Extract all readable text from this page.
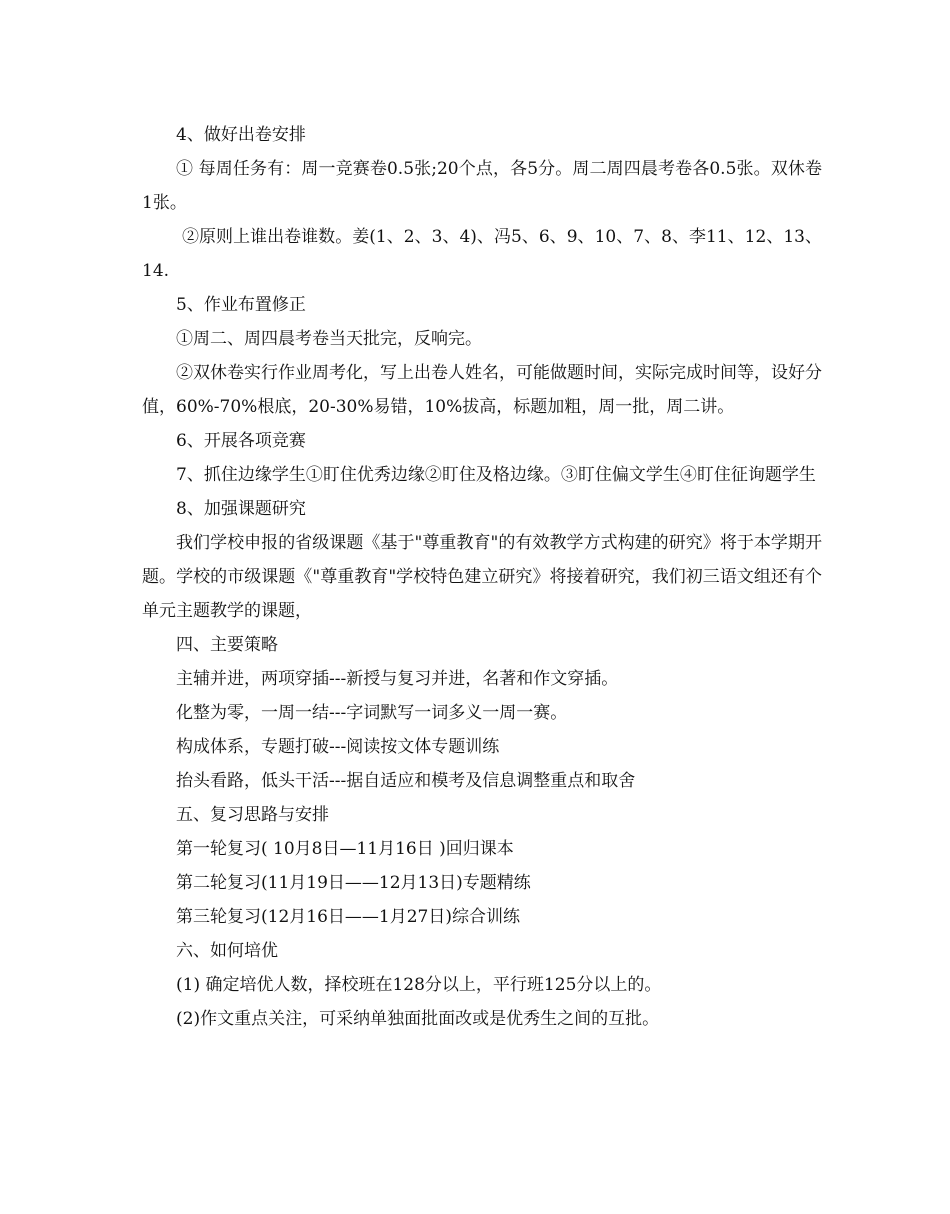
4、做好出卷安排

① 每周任务有：周一竞赛卷0.5张;20个点，各5分。周二周四晨考卷各0.5张。双休卷1张。

②原则上谁出卷谁数。姜(1、2、3、4)、冯5、6、9、10、7、8、李11、12、13、14.

5、作业布置修正

①周二、周四晨考卷当天批完，反响完。

②双休卷实行作业周考化，写上出卷人姓名，可能做题时间，实际完成时间等，设好分值，60%-70%根底，20-30%易错，10%拔高，标题加粗，周一批，周二讲。

6、开展各项竞赛

7、抓住边缘学生①盯住优秀边缘②盯住及格边缘。③盯住偏文学生④盯住征询题学生

8、加强课题研究

我们学校申报的省级课题《基于"尊重教育"的有效教学方式构建的研究》将于本学期开题。学校的市级课题《"尊重教育"学校特色建立研究》将接着研究，我们初三语文组还有个单元主题教学的课题，

四、主要策略

主辅并进，两项穿插---新授与复习并进，名著和作文穿插。

化整为零，一周一结---字词默写一词多义一周一赛。

构成体系，专题打破---阅读按文体专题训练

抬头看路，低头干活---据自适应和模考及信息调整重点和取舍

五、复习思路与安排

第一轮复习( 10月8日—11月16日 )回归课本

第二轮复习(11月19日——12月13日)专题精练

第三轮复习(12月16日——1月27日)综合训练

六、如何培优

(1) 确定培优人数，择校班在128分以上，平行班125分以上的。

(2)作文重点关注，可采纳单独面批面改或是优秀生之间的互批。
